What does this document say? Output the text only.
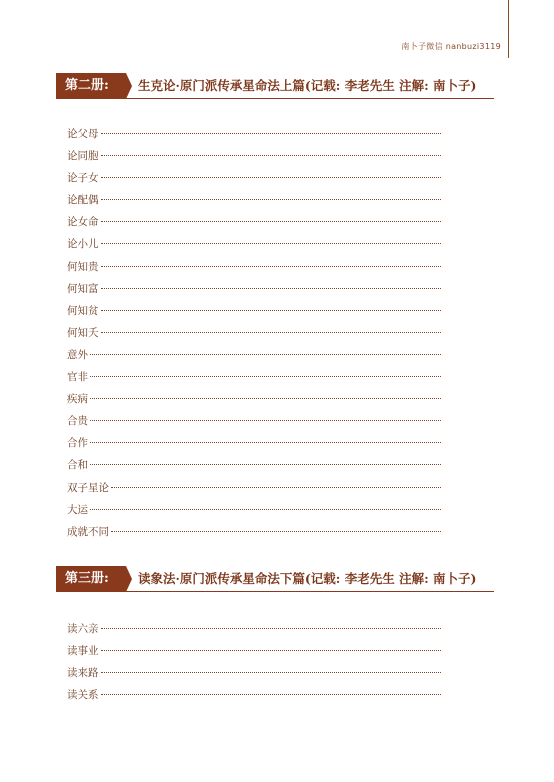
南卜子微信 nanbuzi3119
第二册:	生克论·原门派传承星命法上篇(记载: 李老先生 注解: 南卜子)
论父母
论同胞
论子女
论配偶
论女命
论小儿
何知贵
何知富
何知贫
何知夭
意外
官非
疾病
合贵
合作
合和
双子星论
大运
成就不同
第三册:	读象法·原门派传承星命法下篇(记载: 李老先生 注解: 南卜子)
读六亲
读事业
读来路
读关系
